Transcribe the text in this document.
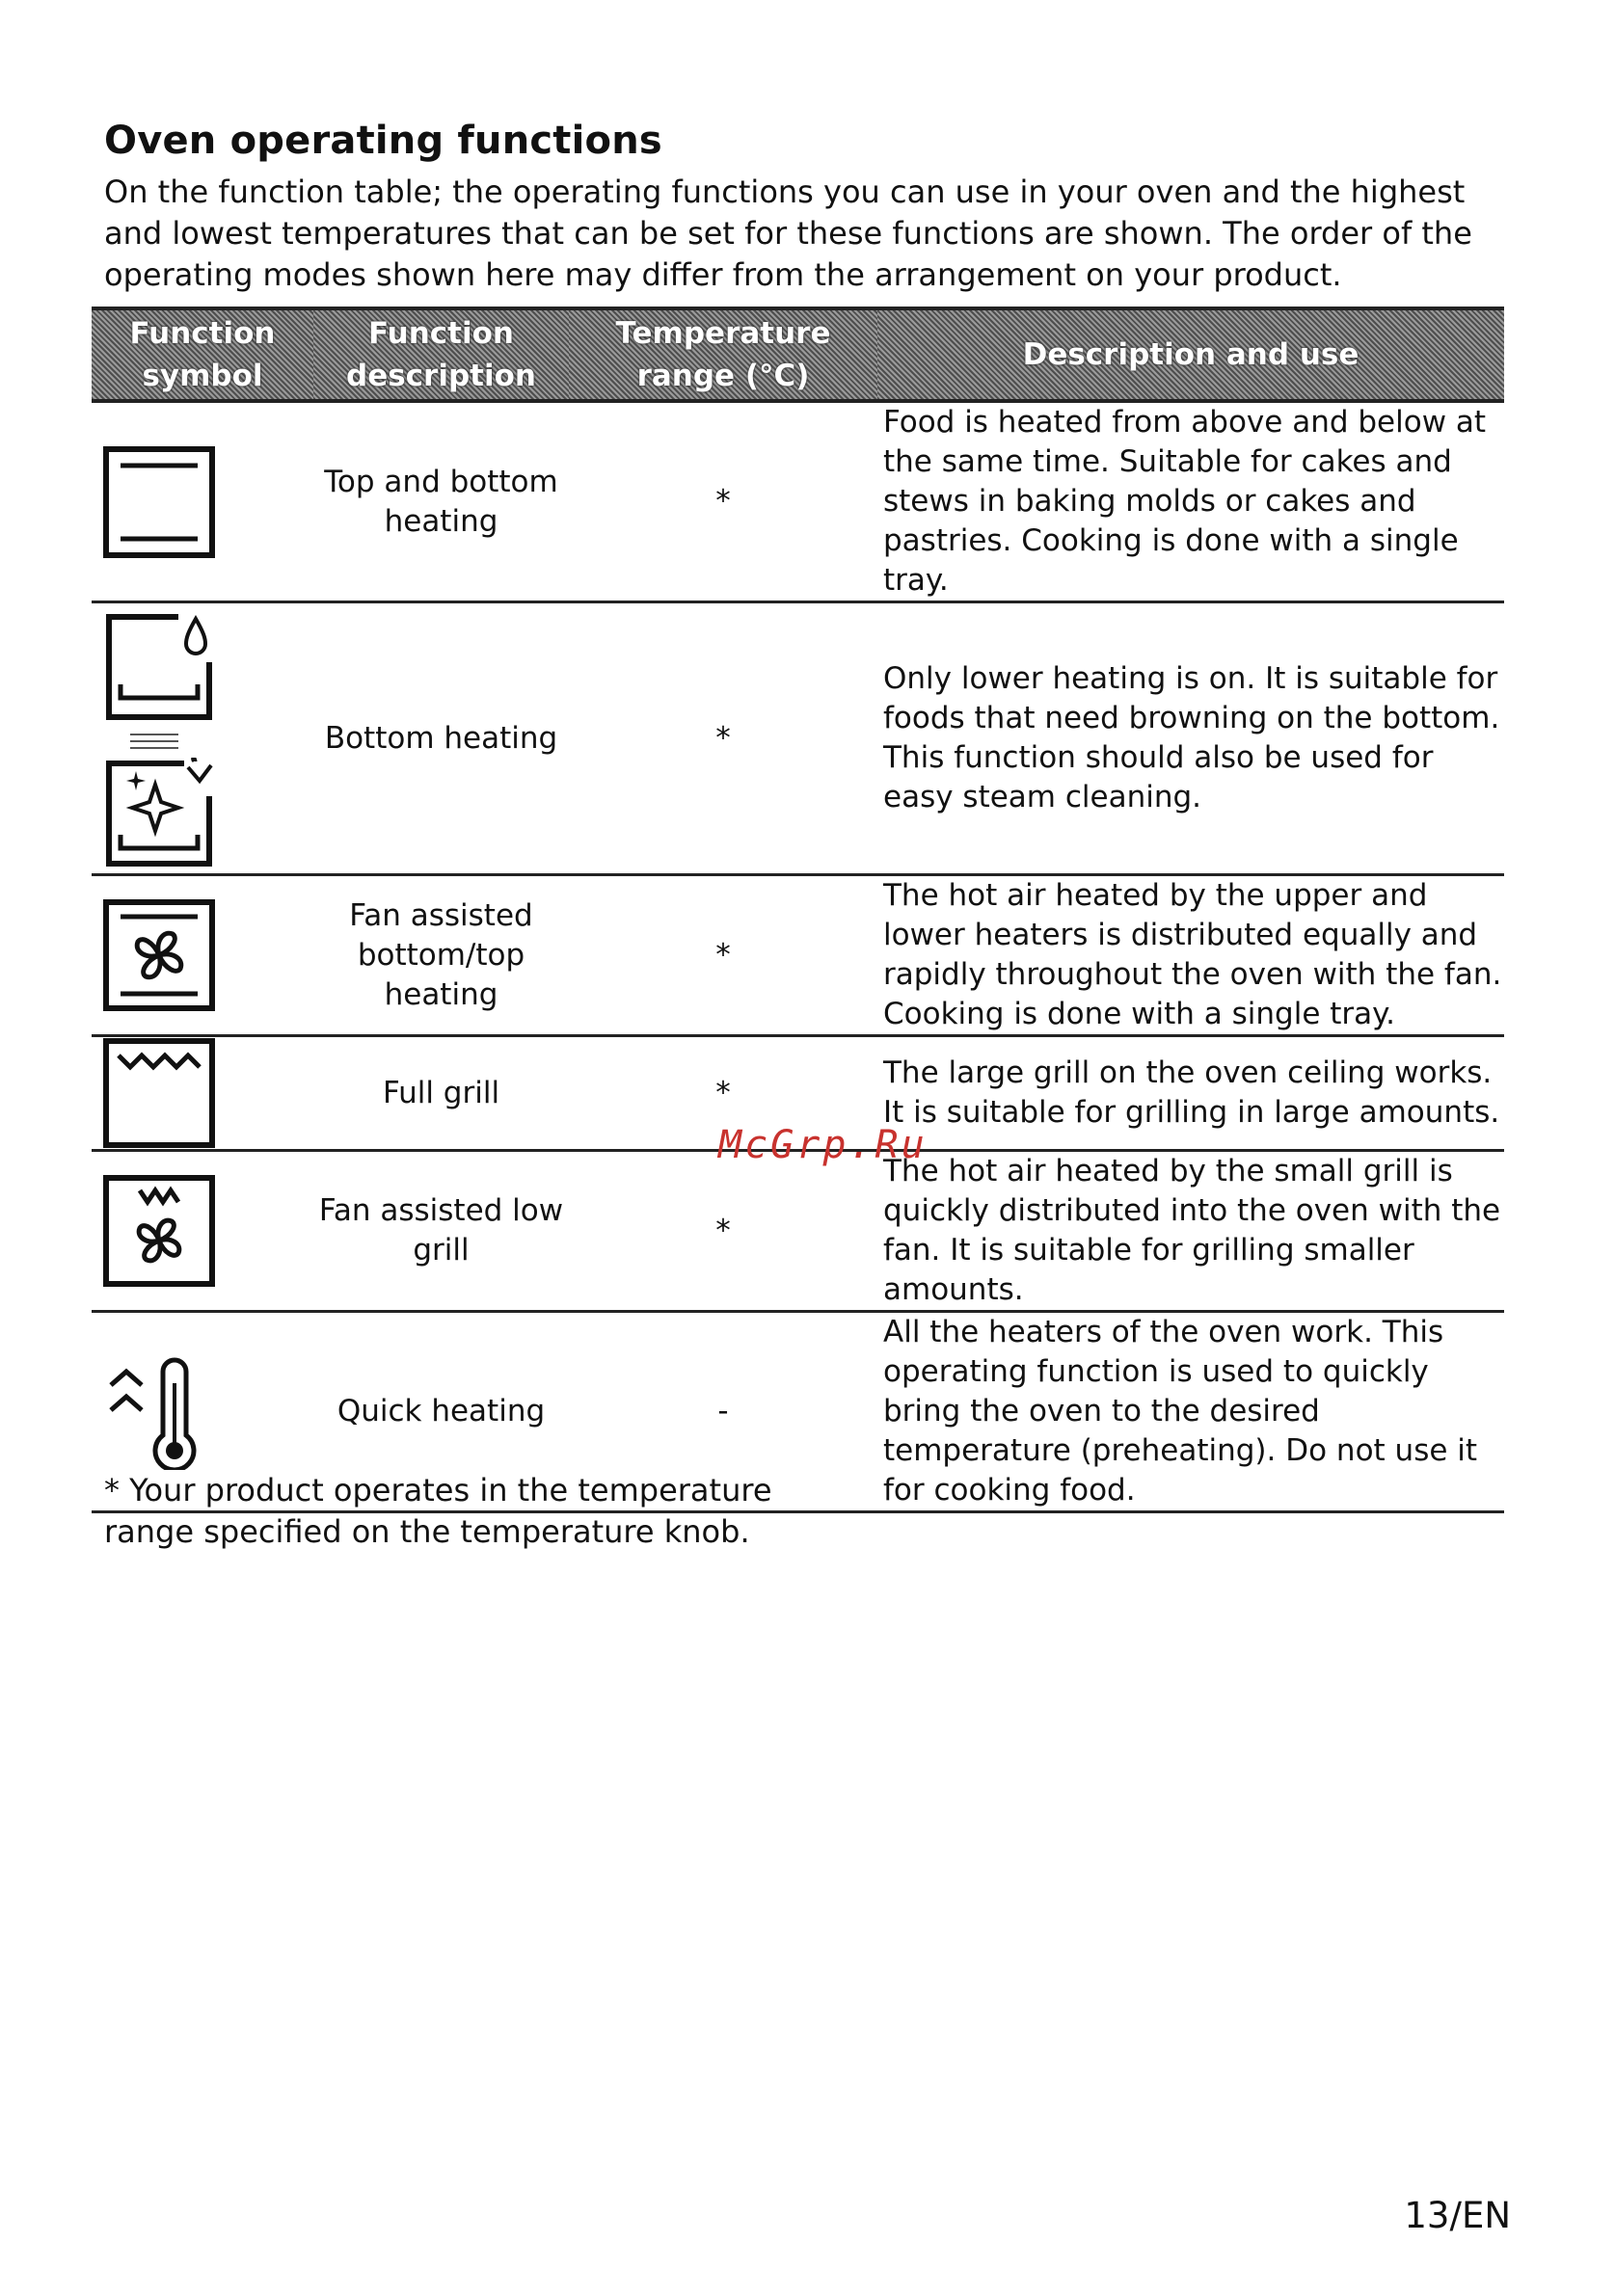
Oven operating functions

On the function table; the operating functions you can use in your oven and the highest and lowest temperatures that can be set for these functions are shown. The order of the operating modes shown here may differ from the arrangement on your product.

Function symbol	Function description	Temperature range (°C)	Description and use

	Top and bottom heating	*	Food is heated from above and below at the same time. Suitable for cakes and stews in baking molds or cakes and pastries. Cooking is done with a single tray.

	Bottom heating	*	Only lower heating is on. It is suitable for foods that need browning on the bottom. This function should also be used for easy steam cleaning.

	Fan assisted bottom/top heating	*	The hot air heated by the upper and lower heaters is distributed equally and rapidly throughout the oven with the fan. Cooking is done with a single tray.

	Full grill	*	The large grill on the oven ceiling works. It is suitable for grilling in large amounts.

	Fan assisted low grill	*	The hot air heated by the small grill is quickly distributed into the oven with the fan. It is suitable for grilling smaller amounts.

	Quick heating	-	All the heaters of the oven work. This operating function is used to quickly bring the oven to the desired temperature (preheating). Do not use it for cooking food.

* Your product operates in the temperature range specified on the temperature knob.

McGrp.Ru

13/EN
